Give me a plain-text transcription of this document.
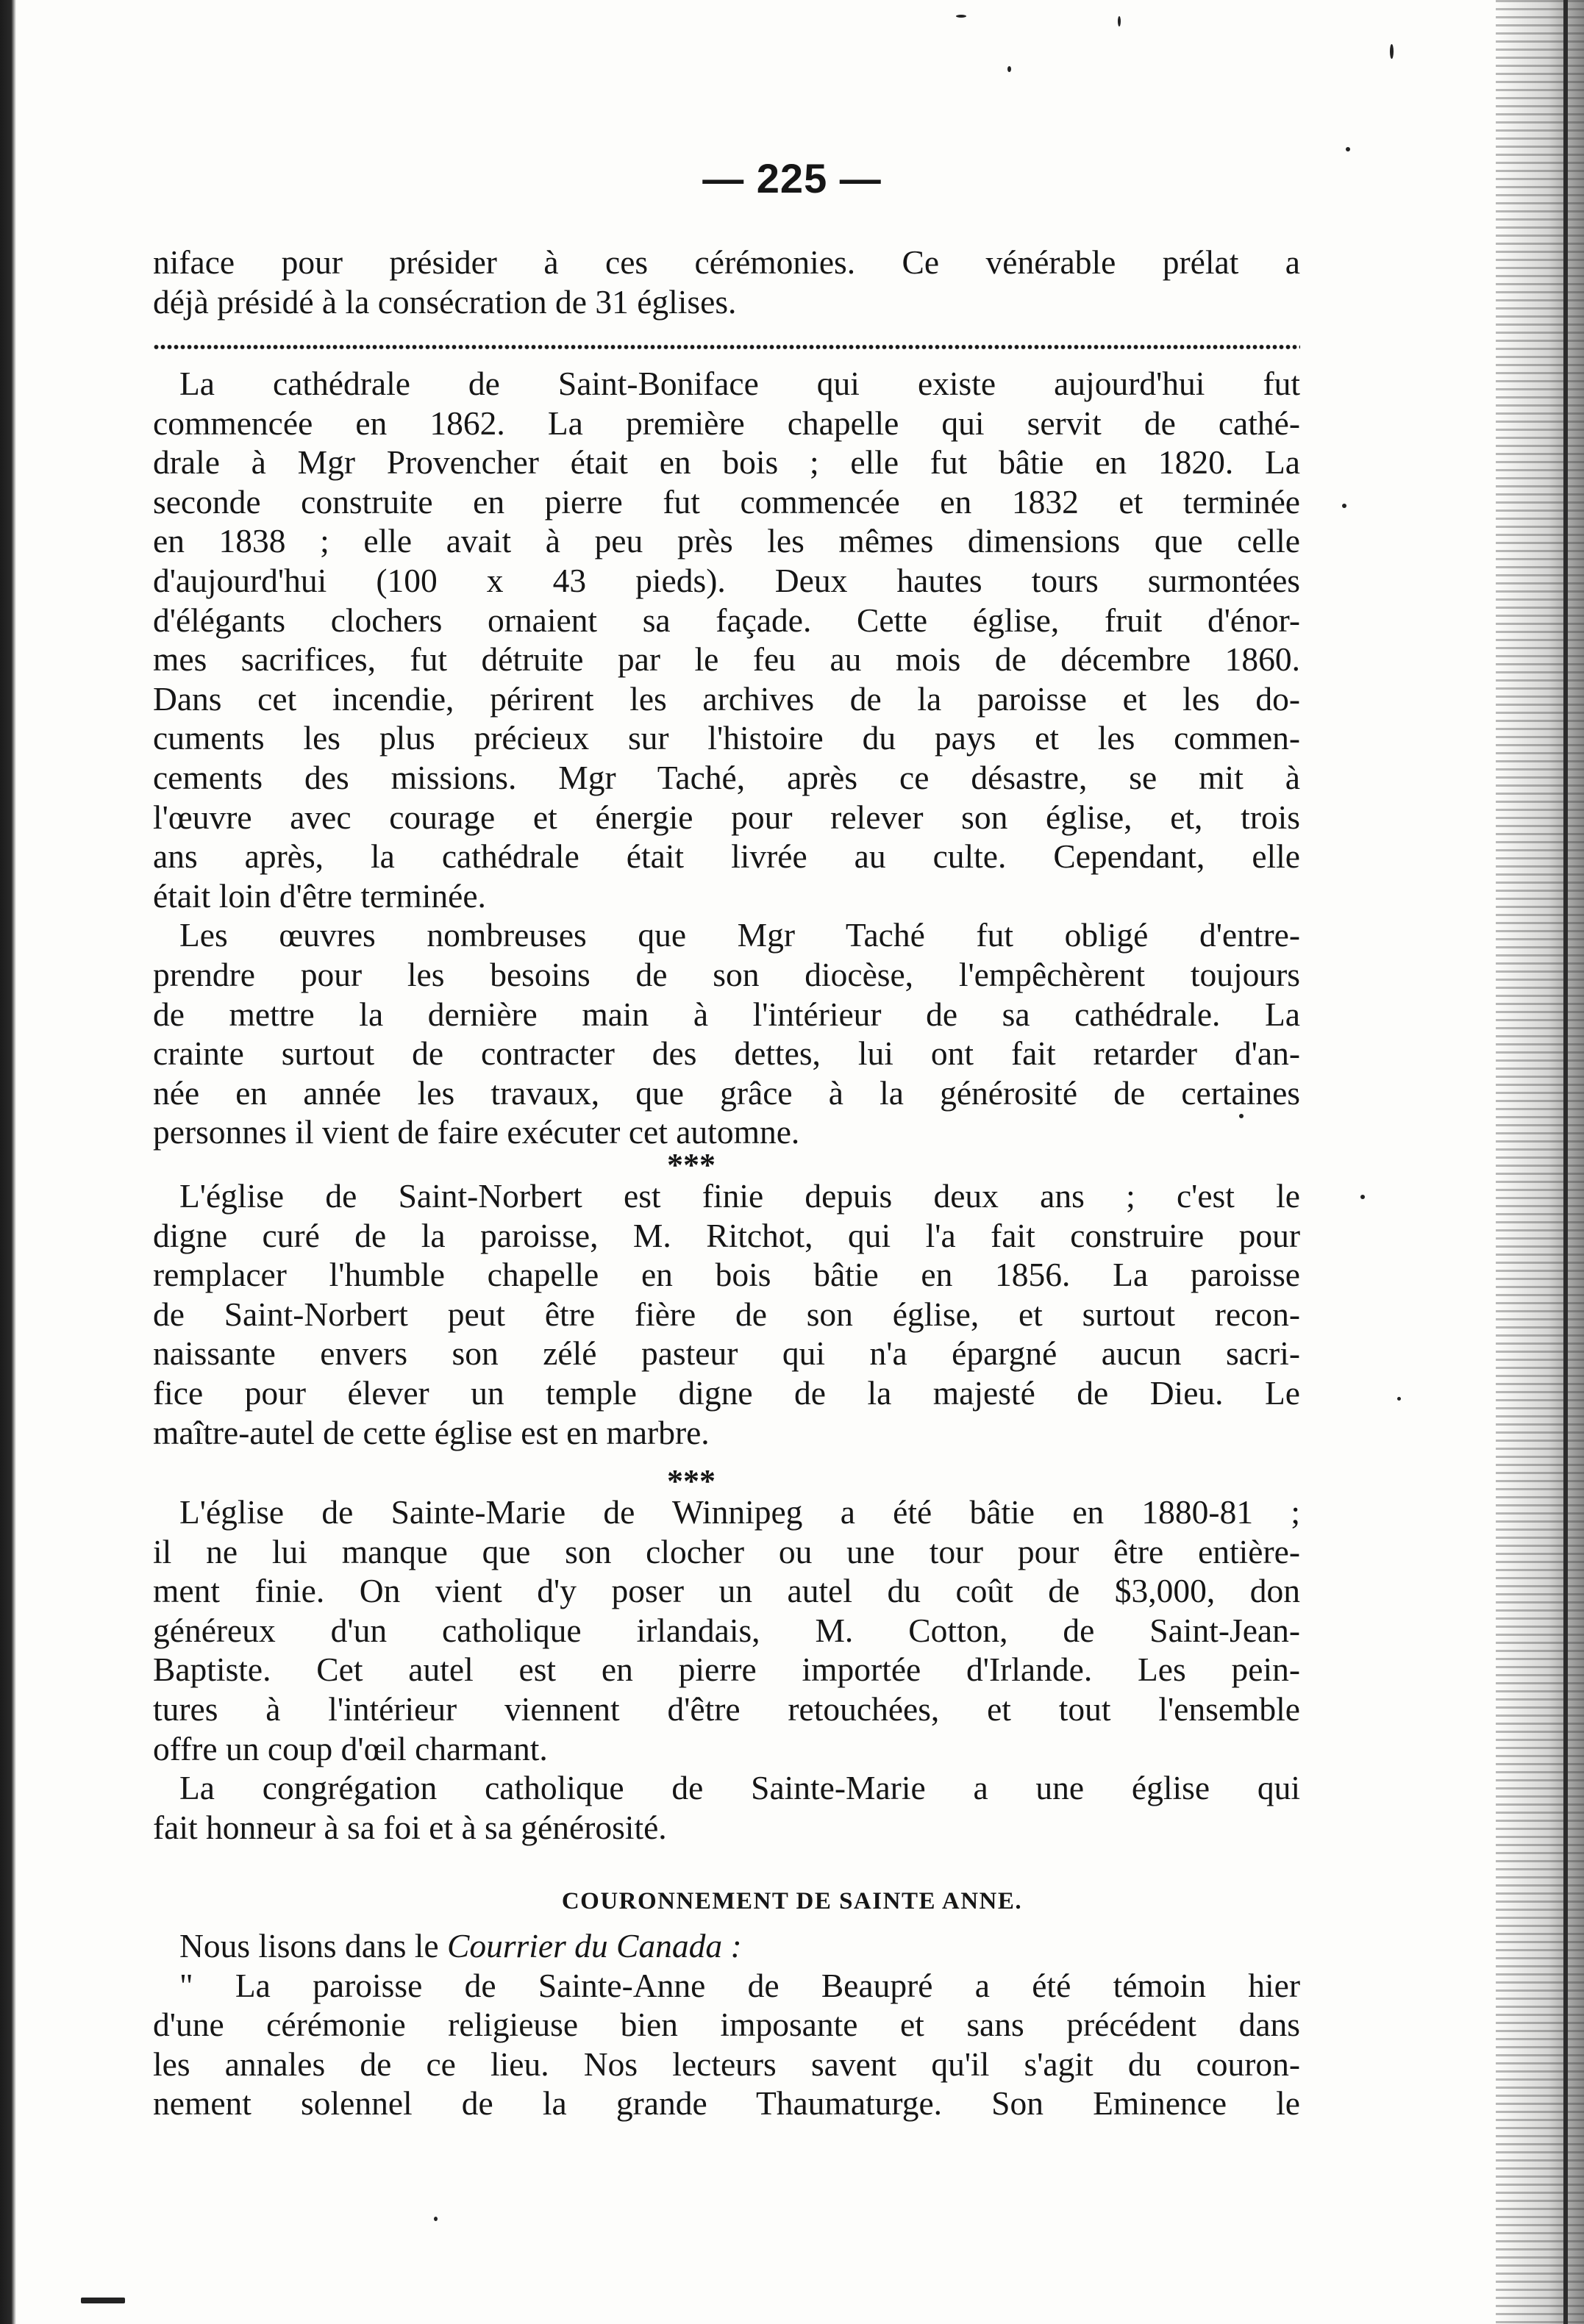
— 225 —
niface pour présider à ces cérémonies. Ce vénérable prélat a
déjà présidé à la consécration de 31 églises.
La cathédrale de Saint-Boniface qui existe aujourd'hui fut
commencée en 1862. La première chapelle qui servit de cathé-
drale à Mgr Provencher était en bois ; elle fut bâtie en 1820. La
seconde construite en pierre fut commencée en 1832 et terminée
en 1838 ; elle avait à peu près les mêmes dimensions que celle
d'aujourd'hui (100 x 43 pieds). Deux hautes tours surmontées
d'élégants clochers ornaient sa façade. Cette église, fruit d'énor-
mes sacrifices, fut détruite par le feu au mois de décembre 1860.
Dans cet incendie, périrent les archives de la paroisse et les do-
cuments les plus précieux sur l'histoire du pays et les commen-
cements des missions. Mgr Taché, après ce désastre, se mit à
l'œuvre avec courage et énergie pour relever son église, et, trois
ans après, la cathédrale était livrée au culte. Cependant, elle
était loin d'être terminée.
Les œuvres nombreuses que Mgr Taché fut obligé d'entre-
prendre pour les besoins de son diocèse, l'empêchèrent toujours
de mettre la dernière main à l'intérieur de sa cathédrale. La
crainte surtout de contracter des dettes, lui ont fait retarder d'an-
née en année les travaux, que grâce à la générosité de certaines
personnes il vient de faire exécuter cet automne.
***
L'église de Saint-Norbert est finie depuis deux ans ; c'est le
digne curé de la paroisse, M. Ritchot, qui l'a fait construire pour
remplacer l'humble chapelle en bois bâtie en 1856. La paroisse
de Saint-Norbert peut être fière de son église, et surtout recon-
naissante envers son zélé pasteur qui n'a épargné aucun sacri-
fice pour élever un temple digne de la majesté de Dieu. Le
maître-autel de cette église est en marbre.
***
L'église de Sainte-Marie de Winnipeg a été bâtie en 1880-81 ;
il ne lui manque que son clocher ou une tour pour être entière-
ment finie. On vient d'y poser un autel du coût de $3,000, don
généreux d'un catholique irlandais, M. Cotton, de Saint-Jean-
Baptiste. Cet autel est en pierre importée d'Irlande. Les pein-
tures à l'intérieur viennent d'être retouchées, et tout l'ensemble
offre un coup d'œil charmant.
La congrégation catholique de Sainte-Marie a une église qui
fait honneur à sa foi et à sa générosité.
COURONNEMENT DE SAINTE ANNE.
Nous lisons dans le Courrier du Canada :
" La paroisse de Sainte-Anne de Beaupré a été témoin hier
d'une cérémonie religieuse bien imposante et sans précédent dans
les annales de ce lieu. Nos lecteurs savent qu'il s'agit du couron-
nement solennel de la grande Thaumaturge. Son Eminence le
